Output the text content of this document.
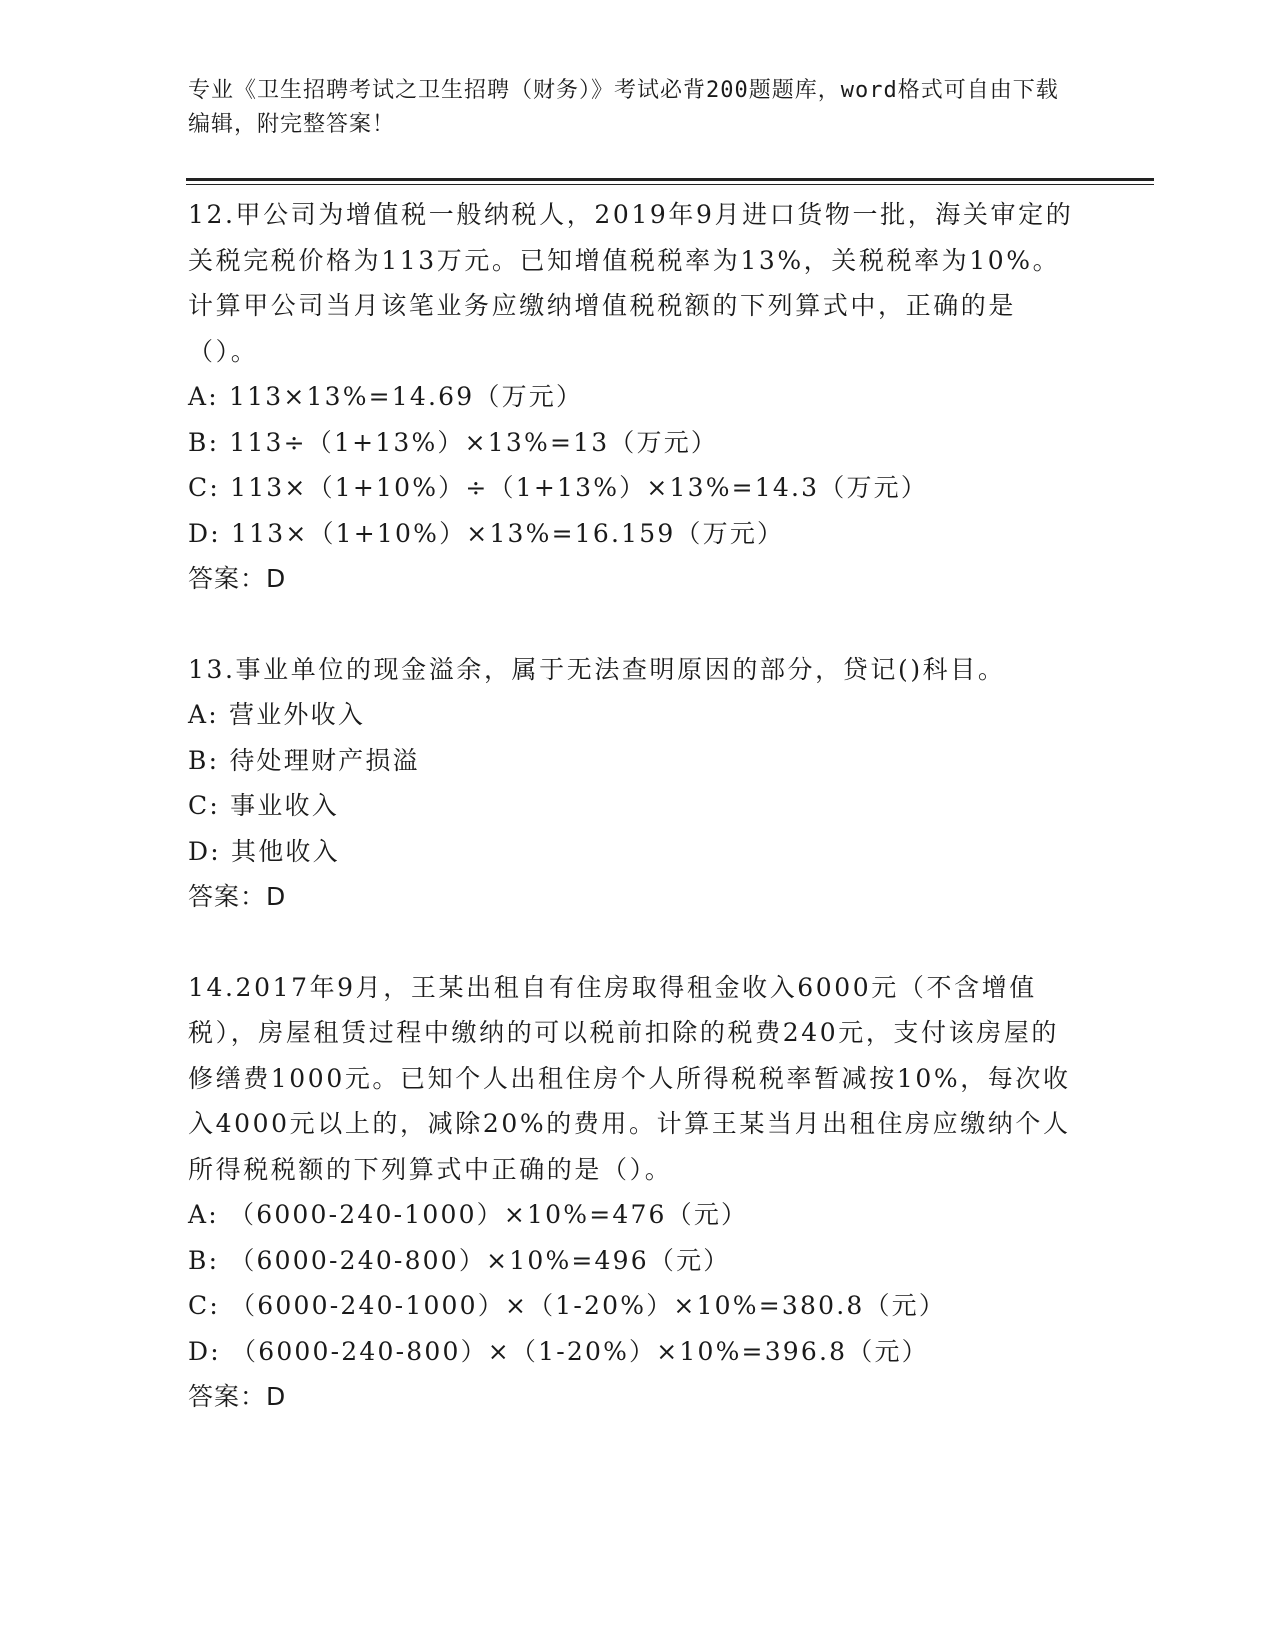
专业《卫生招聘考试之卫生招聘（财务）》考试必背200题题库，word格式可自由下载编辑，附完整答案！
12.甲公司为增值税一般纳税人，2019年9月进口货物一批，海关审定的关税完税价格为113万元。已知增值税税率为13%，关税税率为10%。计算甲公司当月该笔业务应缴纳增值税税额的下列算式中，正确的是（）。
A: 113×13%=14.69（万元）
B: 113÷（1+13%）×13%=13（万元）
C: 113×（1+10%）÷（1+13%）×13%=14.3（万元）
D: 113×（1+10%）×13%=16.159（万元）
答案：D
13.事业单位的现金溢余，属于无法查明原因的部分，贷记()科目。
A: 营业外收入
B: 待处理财产损溢
C: 事业收入
D: 其他收入
答案：D
14.2017年9月，王某出租自有住房取得租金收入6000元（不含增值税），房屋租赁过程中缴纳的可以税前扣除的税费240元，支付该房屋的修缮费1000元。已知个人出租住房个人所得税税率暂减按10%，每次收入4000元以上的，减除20%的费用。计算王某当月出租住房应缴纳个人所得税税额的下列算式中正确的是（）。
A: （6000-240-1000）×10%=476（元）
B: （6000-240-800）×10%=496（元）
C: （6000-240-1000）×（1-20%）×10%=380.8（元）
D: （6000-240-800）×（1-20%）×10%=396.8（元）
答案：D
